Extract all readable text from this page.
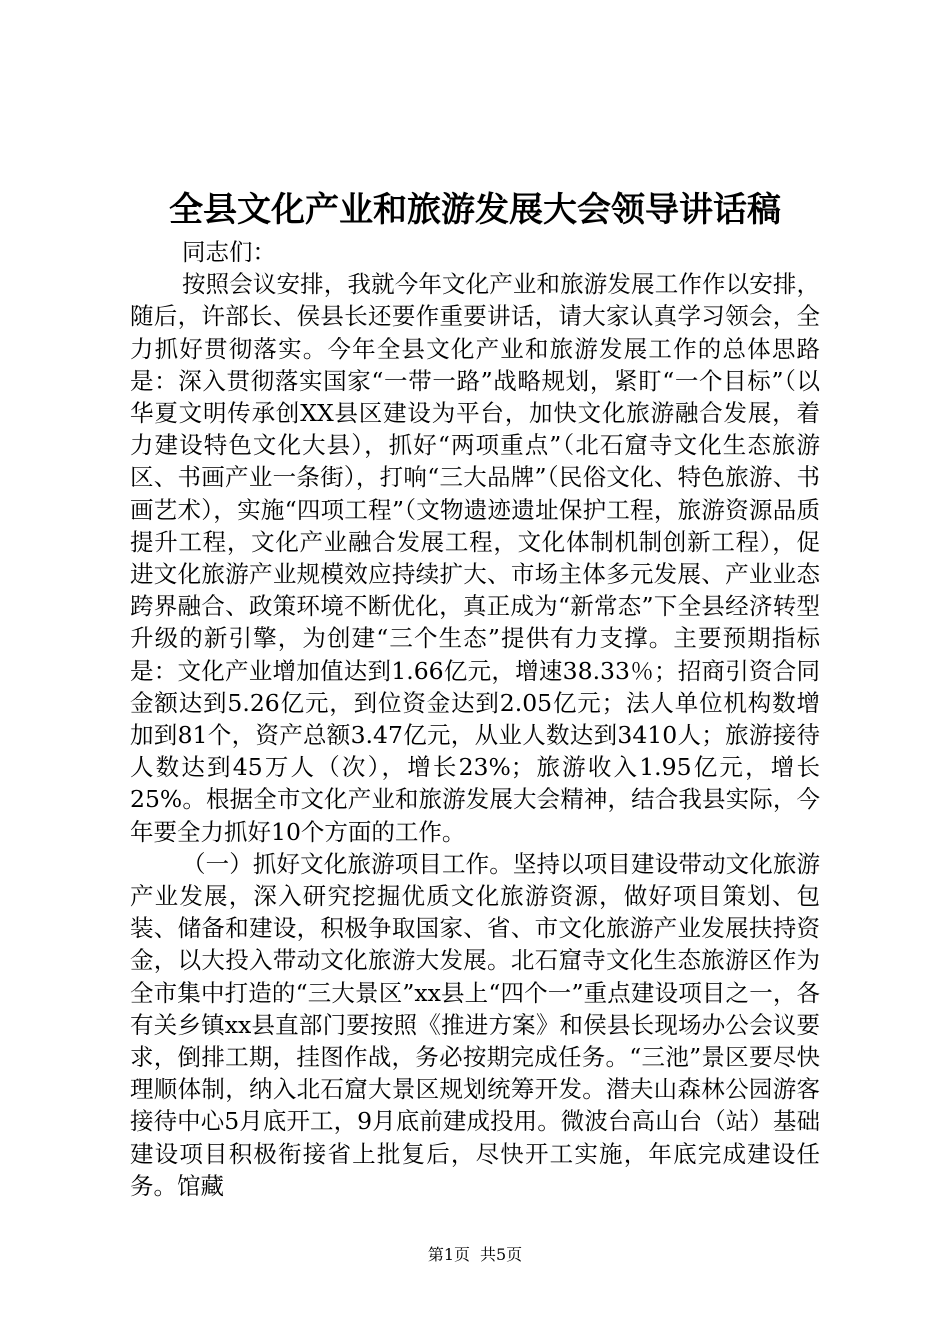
全县文化产业和旅游发展大会领导讲话稿

同志们：

按照会议安排，我就今年文化产业和旅游发展工作作以安排，随后，许部长、侯县长还要作重要讲话，请大家认真学习领会，全力抓好贯彻落实。今年全县文化产业和旅游发展工作的总体思路是：深入贯彻落实国家“一带一路”战略规划，紧盯“一个目标”（以华夏文明传承创XX县区建设为平台，加快文化旅游融合发展，着力建设特色文化大县），抓好“两项重点”（北石窟寺文化生态旅游区、书画产业一条街），打响“三大品牌”（民俗文化、特色旅游、书画艺术），实施“四项工程”（文物遗迹遗址保护工程，旅游资源品质提升工程，文化产业融合发展工程，文化体制机制创新工程），促进文化旅游产业规模效应持续扩大、市场主体多元发展、产业业态跨界融合、政策环境不断优化，真正成为“新常态”下全县经济转型升级的新引擎，为创建“三个生态”提供有力支撑。主要预期指标是：文化产业增加值达到1.66亿元，增速38.33％；招商引资合同金额达到5.26亿元，到位资金达到2.05亿元；法人单位机构数增加到81个，资产总额3.47亿元，从业人数达到3410人；旅游接待人数达到45万人（次），增长23%；旅游收入1.95亿元，增长25%。根据全市文化产业和旅游发展大会精神，结合我县实际，今年要全力抓好10个方面的工作。

（一）抓好文化旅游项目工作。坚持以项目建设带动文化旅游产业发展，深入研究挖掘优质文化旅游资源，做好项目策划、包装、储备和建设，积极争取国家、省、市文化旅游产业发展扶持资金，以大投入带动文化旅游大发展。北石窟寺文化生态旅游区作为全市集中打造的“三大景区”xx县上“四个一”重点建设项目之一，各有关乡镇xx县直部门要按照《推进方案》和侯县长现场办公会议要求，倒排工期，挂图作战，务必按期完成任务。“三池”景区要尽快理顺体制，纳入北石窟大景区规划统筹开发。潜夫山森林公园游客接待中心5月底开工，9月底前建成投用。微波台高山台（站）基础建设项目积极衔接省上批复后，尽快开工实施，年底完成建设任务。馆藏

第1页 共5页
